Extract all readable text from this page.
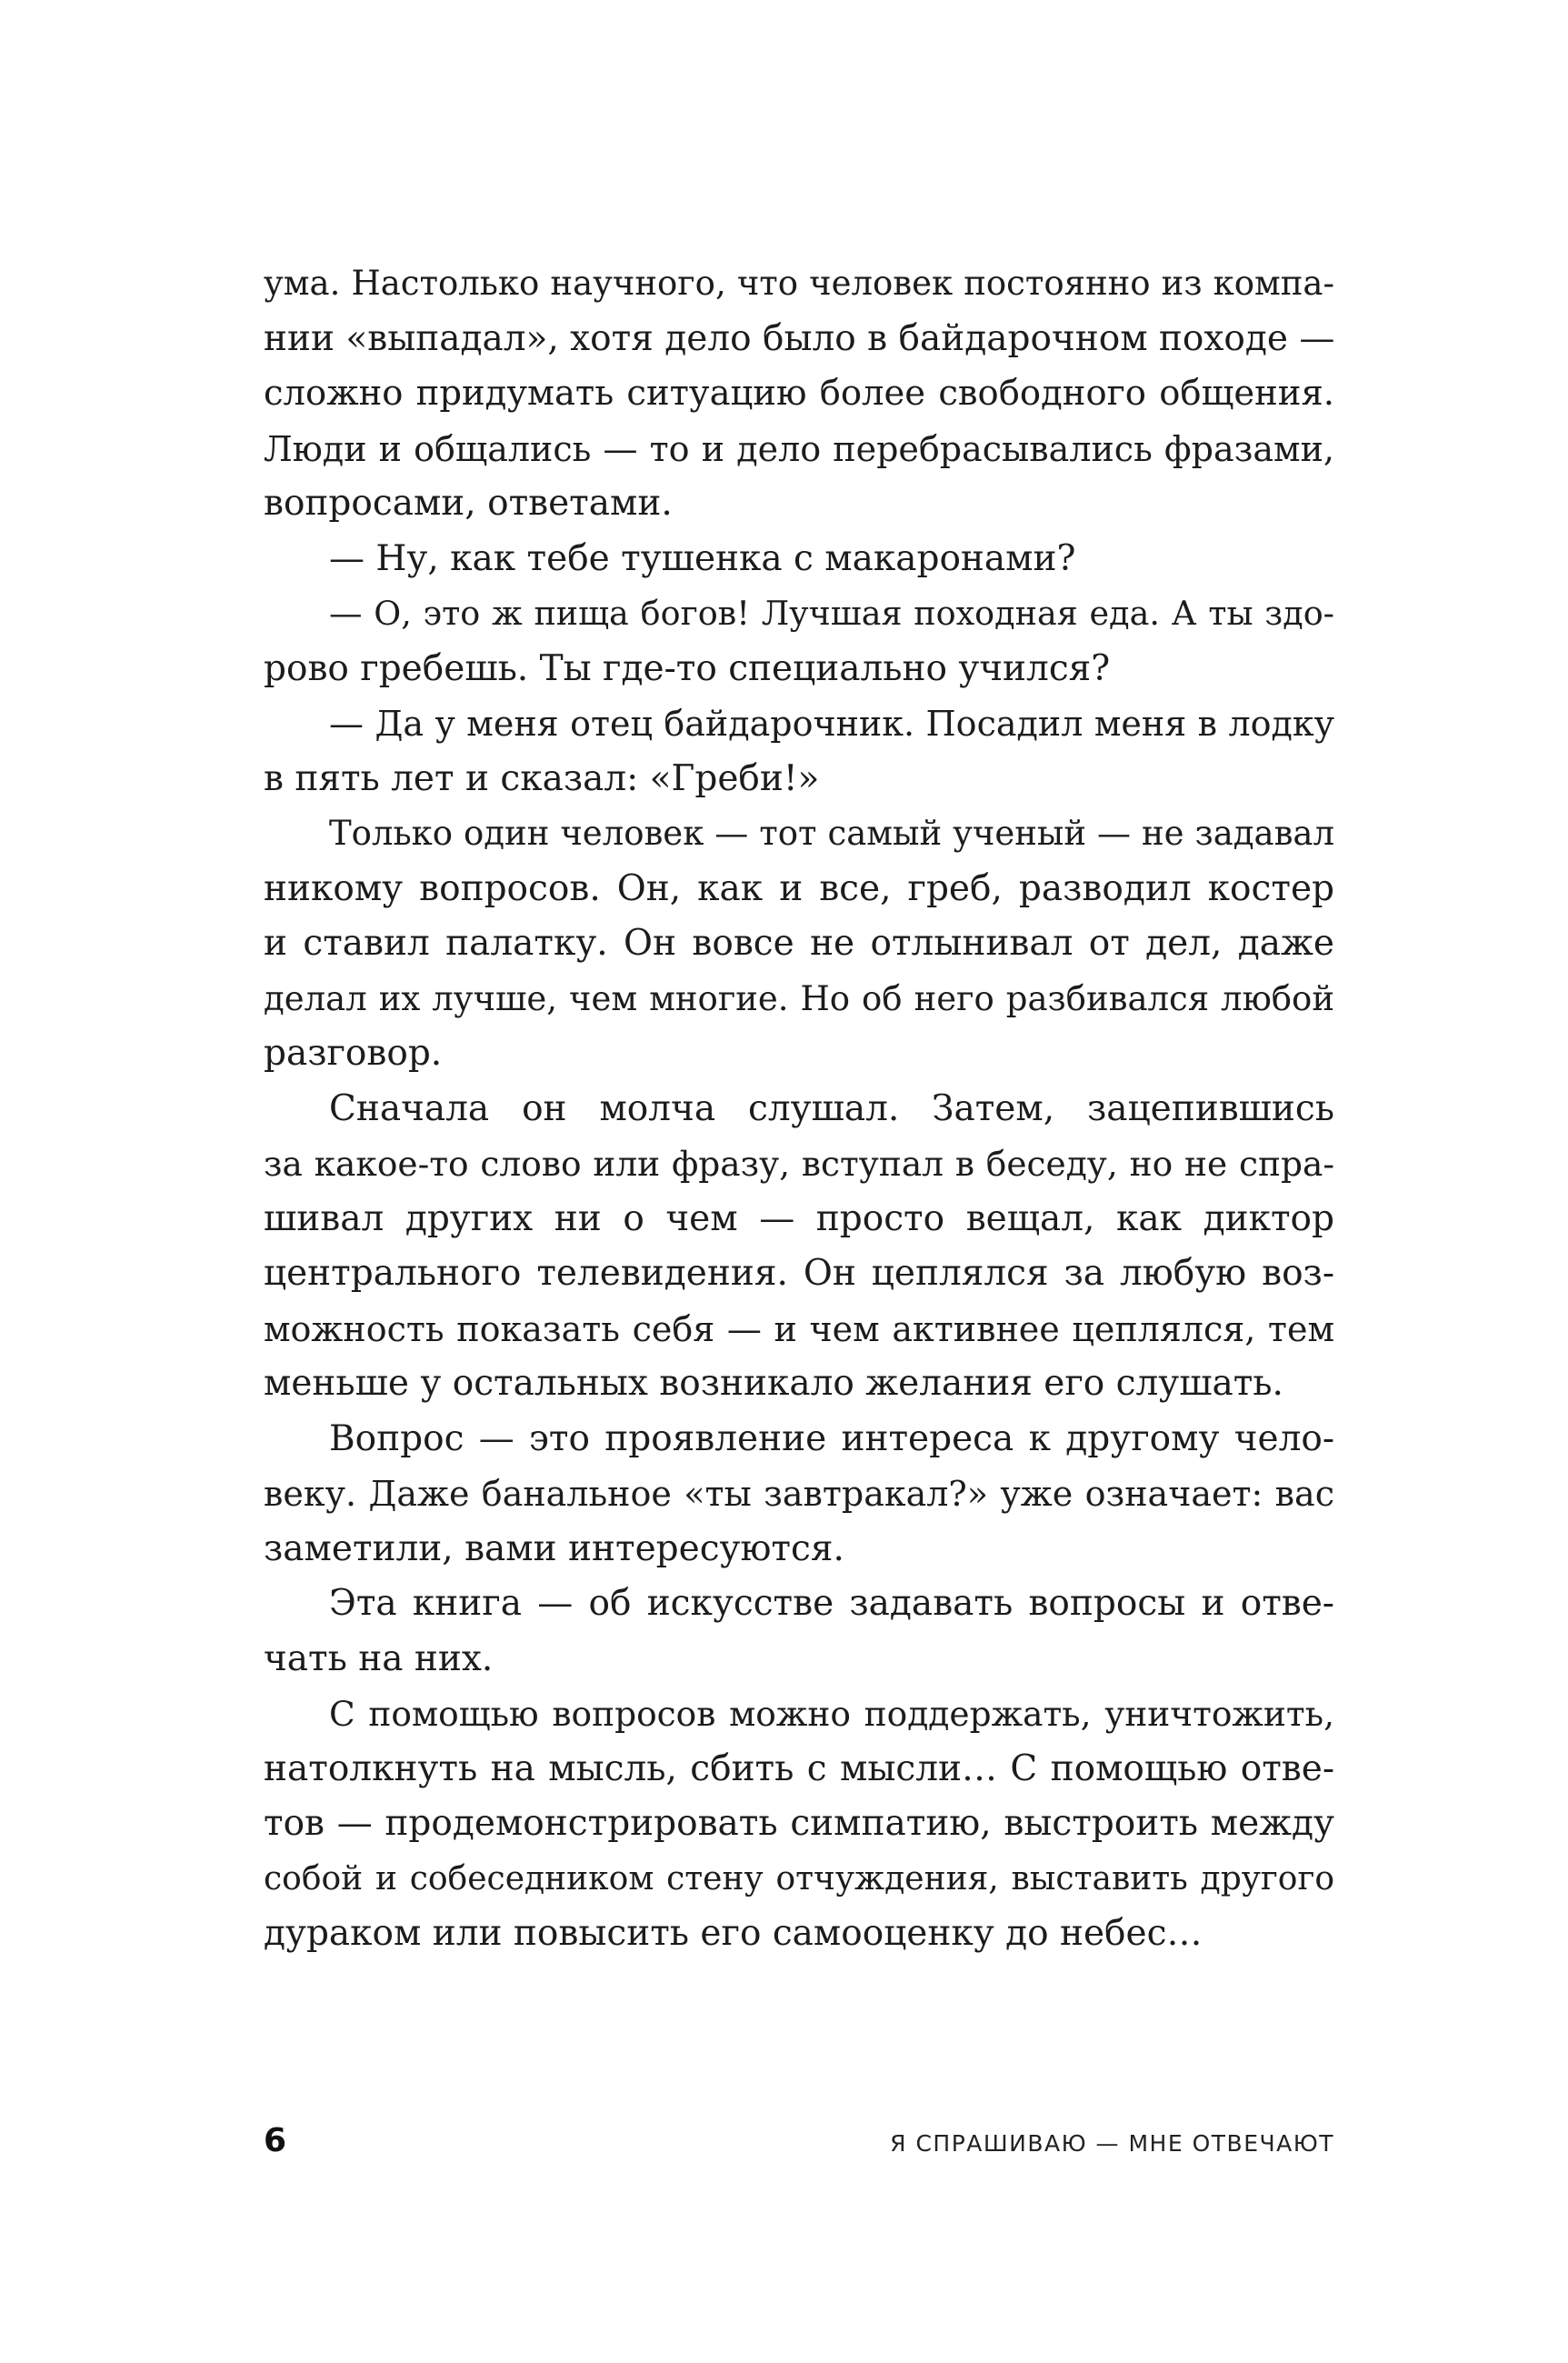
ума. Настолько научного, что человек постоянно из компа-
нии «выпадал», хотя дело было в байдарочном походе —
сложно придумать ситуацию более свободного общения.
Люди и общались — то и дело перебрасывались фразами,
вопросами, ответами.
— Ну, как тебе тушенка с макаронами?
— О, это ж пища богов! Лучшая походная еда. А ты здо-
рово гребешь. Ты где-то специально учился?
— Да у меня отец байдарочник. Посадил меня в лодку
в пять лет и сказал: «Греби!»
Только один человек — тот самый ученый — не задавал
никому вопросов. Он, как и все, греб, разводил костер
и ставил палатку. Он вовсе не отлынивал от дел, даже
делал их лучше, чем многие. Но об него разбивался любой
разговор.
Сначала он молча слушал. Затем, зацепившись
за какое-то слово или фразу, вступал в беседу, но не спра-
шивал других ни о чем — просто вещал, как диктор
центрального телевидения. Он цеплялся за любую воз-
можность показать себя — и чем активнее цеплялся, тем
меньше у остальных возникало желания его слушать.
Вопрос — это проявление интереса к другому чело-
веку. Даже банальное «ты завтракал?» уже означает: вас
заметили, вами интересуются.
Эта книга — об искусстве задавать вопросы и отве-
чать на них.
С помощью вопросов можно поддержать, уничтожить,
натолкнуть на мысль, сбить с мысли… С помощью отве-
тов — продемонстрировать симпатию, выстроить между
собой и собеседником стену отчуждения, выставить другого
дураком или повысить его самооценку до небес…
6	Я СПРАШИВАЮ — МНЕ ОТВЕЧАЮТ
